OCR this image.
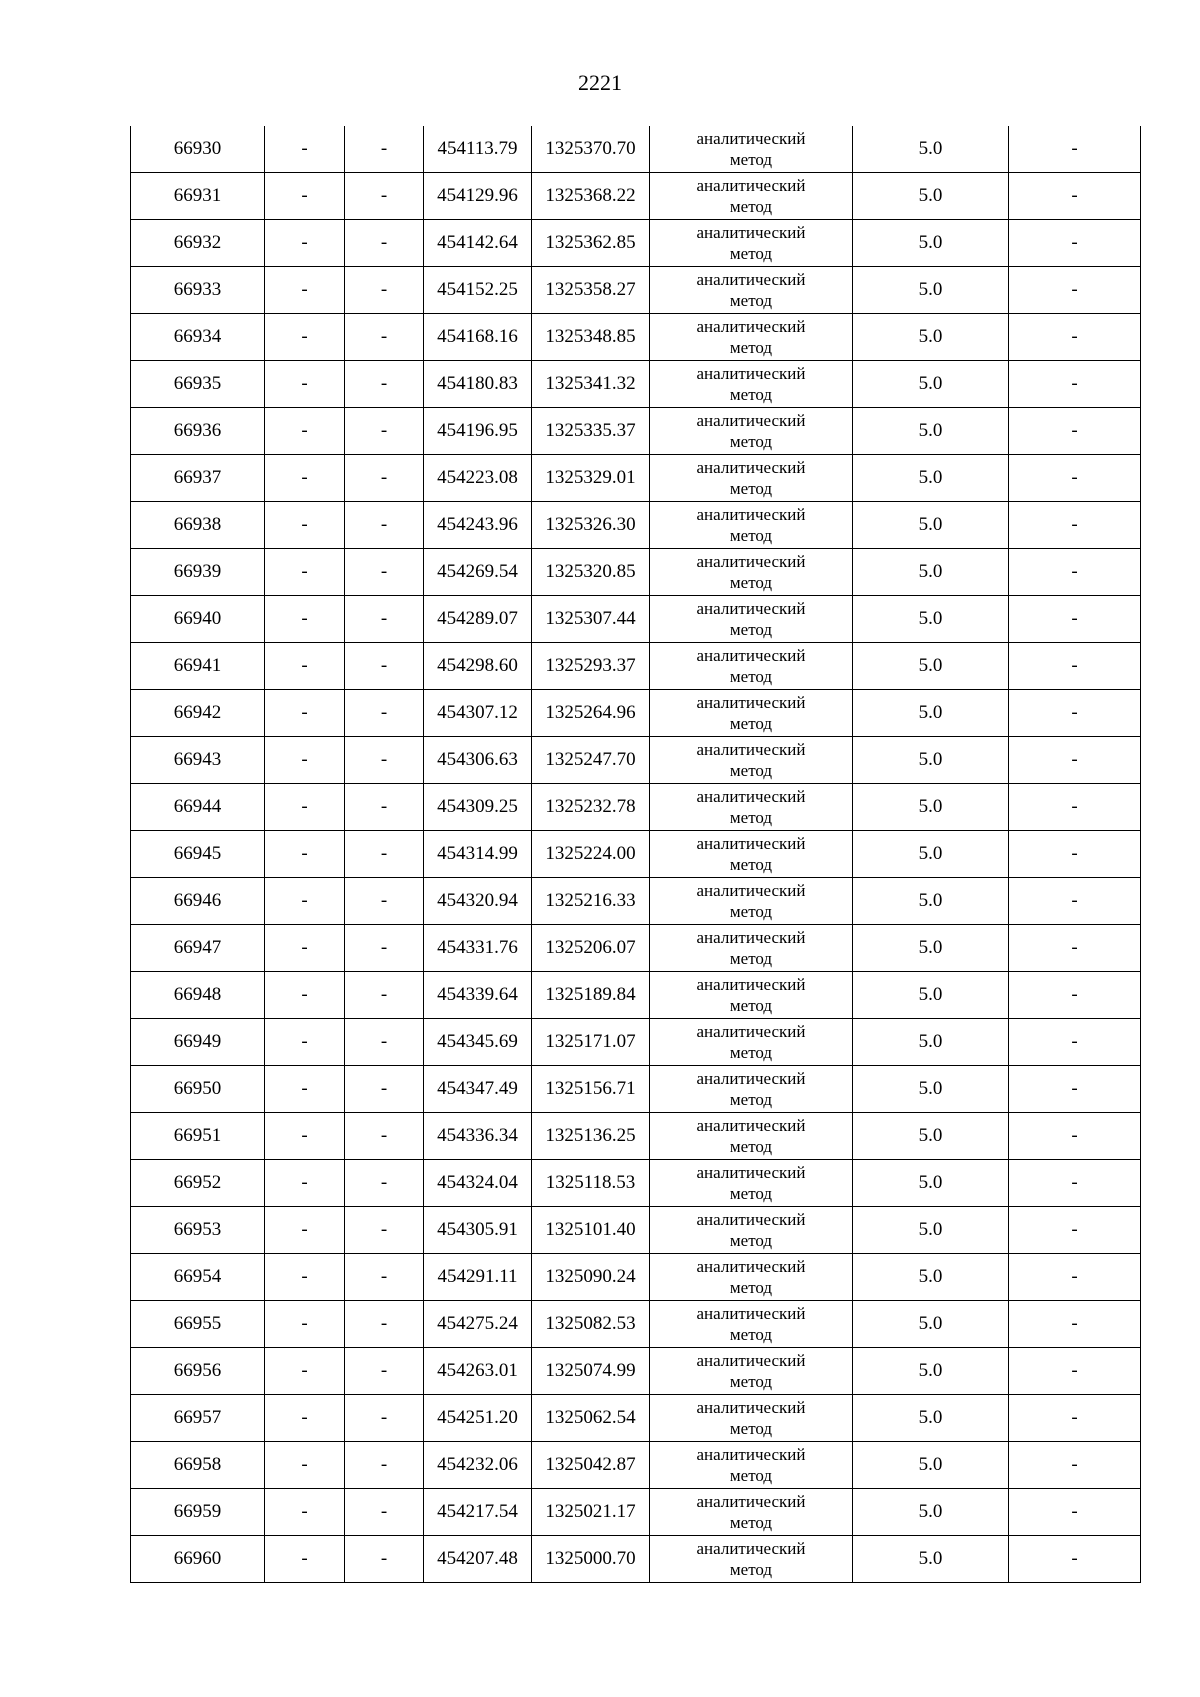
2221
66930	-	-	454113.79	1325370.70	аналитический
метод	5.0	-
66931	-	-	454129.96	1325368.22	аналитический
метод	5.0	-
66932	-	-	454142.64	1325362.85	аналитический
метод	5.0	-
66933	-	-	454152.25	1325358.27	аналитический
метод	5.0	-
66934	-	-	454168.16	1325348.85	аналитический
метод	5.0	-
66935	-	-	454180.83	1325341.32	аналитический
метод	5.0	-
66936	-	-	454196.95	1325335.37	аналитический
метод	5.0	-
66937	-	-	454223.08	1325329.01	аналитический
метод	5.0	-
66938	-	-	454243.96	1325326.30	аналитический
метод	5.0	-
66939	-	-	454269.54	1325320.85	аналитический
метод	5.0	-
66940	-	-	454289.07	1325307.44	аналитический
метод	5.0	-
66941	-	-	454298.60	1325293.37	аналитический
метод	5.0	-
66942	-	-	454307.12	1325264.96	аналитический
метод	5.0	-
66943	-	-	454306.63	1325247.70	аналитический
метод	5.0	-
66944	-	-	454309.25	1325232.78	аналитический
метод	5.0	-
66945	-	-	454314.99	1325224.00	аналитический
метод	5.0	-
66946	-	-	454320.94	1325216.33	аналитический
метод	5.0	-
66947	-	-	454331.76	1325206.07	аналитический
метод	5.0	-
66948	-	-	454339.64	1325189.84	аналитический
метод	5.0	-
66949	-	-	454345.69	1325171.07	аналитический
метод	5.0	-
66950	-	-	454347.49	1325156.71	аналитический
метод	5.0	-
66951	-	-	454336.34	1325136.25	аналитический
метод	5.0	-
66952	-	-	454324.04	1325118.53	аналитический
метод	5.0	-
66953	-	-	454305.91	1325101.40	аналитический
метод	5.0	-
66954	-	-	454291.11	1325090.24	аналитический
метод	5.0	-
66955	-	-	454275.24	1325082.53	аналитический
метод	5.0	-
66956	-	-	454263.01	1325074.99	аналитический
метод	5.0	-
66957	-	-	454251.20	1325062.54	аналитический
метод	5.0	-
66958	-	-	454232.06	1325042.87	аналитический
метод	5.0	-
66959	-	-	454217.54	1325021.17	аналитический
метод	5.0	-
66960	-	-	454207.48	1325000.70	аналитический
метод	5.0	-
